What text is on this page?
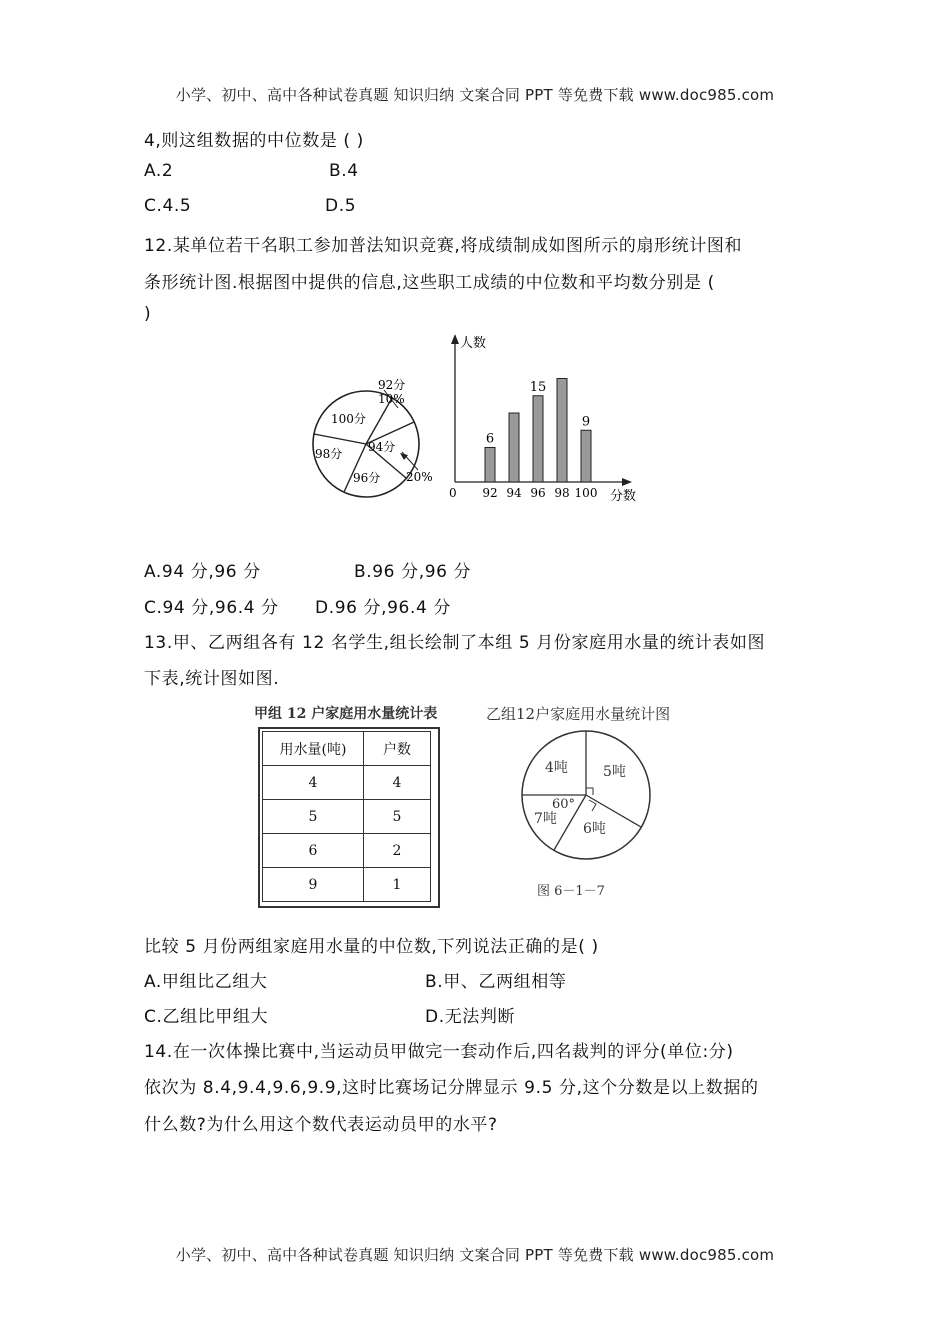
小学、初中、高中各种试卷真题 知识归纳 文案合同 PPT 等免费下载 www.doc985.com
4,则这组数据的中位数是 ( )
A.2	B.4
C.4.5	D.5
12.某单位若干名职工参加普法知识竞赛,将成绩制成如图所示的扇形统计图和
条形统计图.根据图中提供的信息,这些职工成绩的中位数和平均数分别是 (
)
92分
10%
100分
94分
98分
96分 20%
人数
分数
0 92
6
94 96
15
98 100
9
A.94 分,96 分	B.96 分,96 分
C.94 分,96.4 分 D.96 分,96.4 分
13.甲、乙两组各有 12 名学生,组长绘制了本组 5 月份家庭用水量的统计表如图
下表,统计图如图.
甲组 12 户家庭用水量统计表	乙组12户家庭用水量统计图
用水量(吨)	户数
4	4
5	5
6	2
9	1
4吨	5吨
60°
7吨
6吨
图 6－1－7
比较 5 月份两组家庭用水量的中位数,下列说法正确的是( )
A.甲组比乙组大	B.甲、乙两组相等
C.乙组比甲组大	D.无法判断
14.在一次体操比赛中,当运动员甲做完一套动作后,四名裁判的评分(单位:分)
依次为 8.4,9.4,9.6,9.9,这时比赛场记分牌显示 9.5 分,这个分数是以上数据的
什么数?为什么用这个数代表运动员甲的水平?
小学、初中、高中各种试卷真题 知识归纳 文案合同 PPT 等免费下载 www.doc985.com
